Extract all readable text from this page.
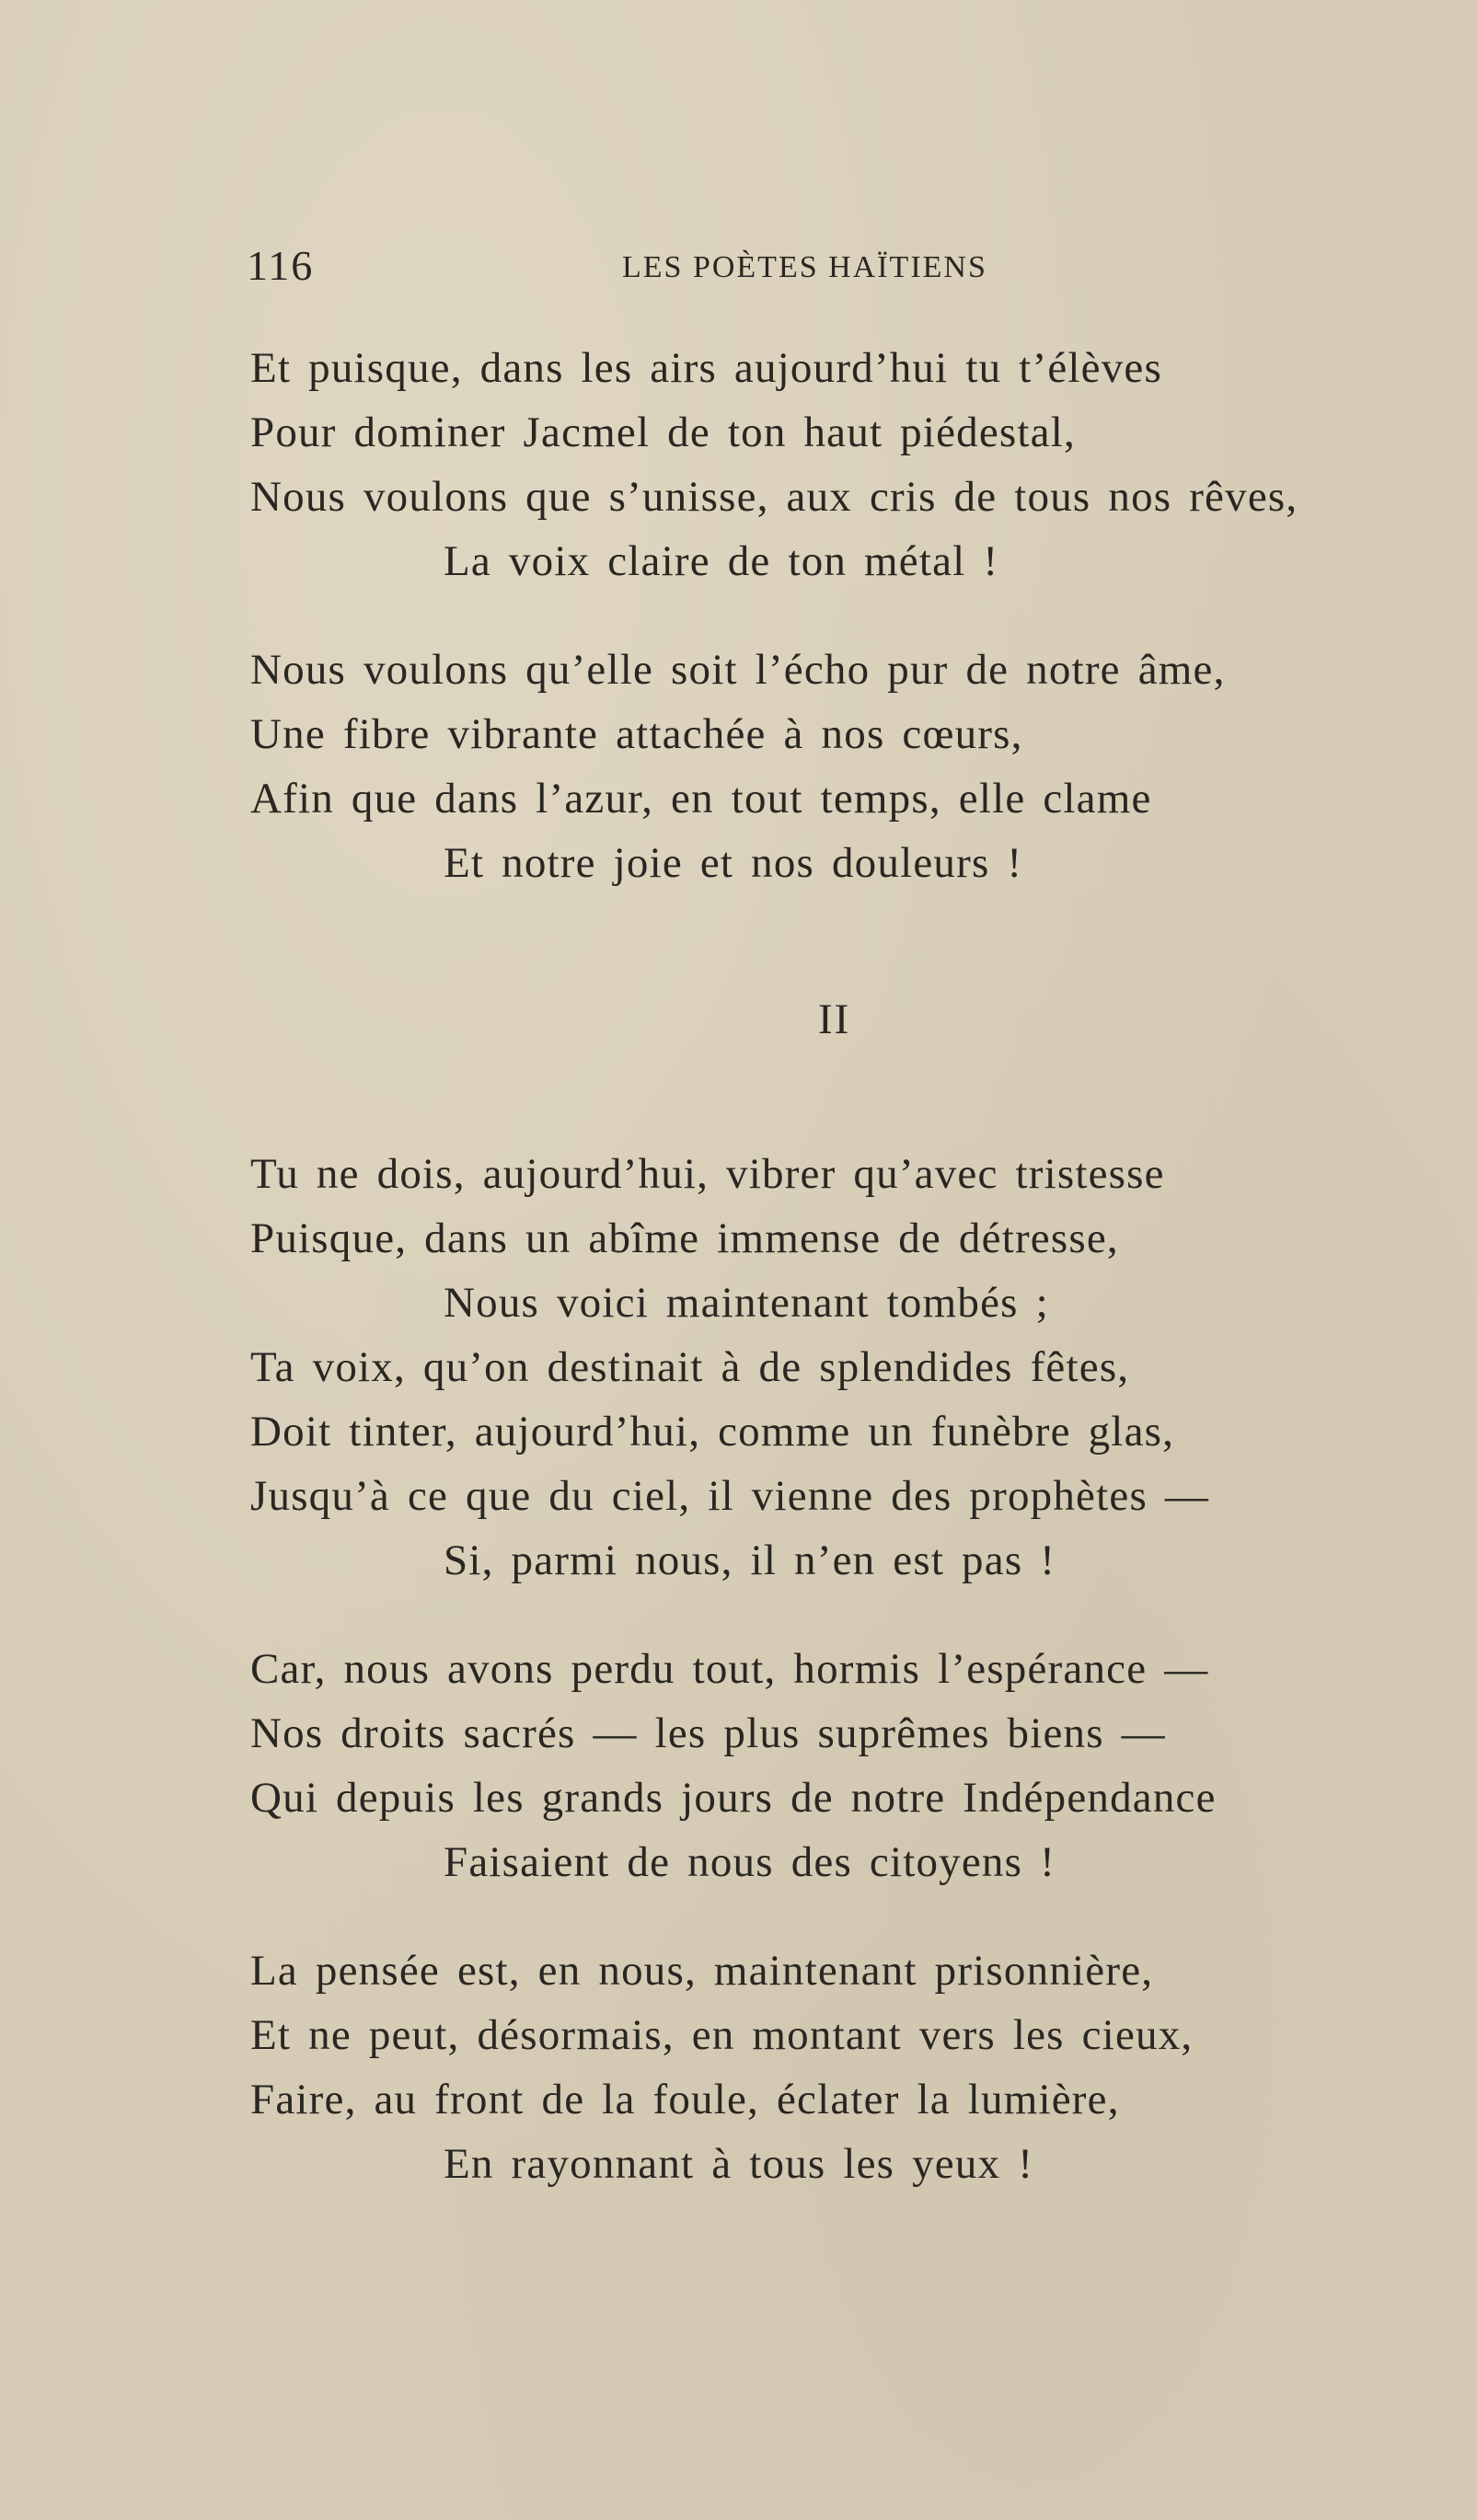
116	LES POÈTES HAÏTIENS
Et puisque, dans les airs aujourd’hui tu t’élèves
Pour dominer Jacmel de ton haut piédestal,
Nous voulons que s’unisse, aux cris de tous nos rêves,
La voix claire de ton métal !
Nous voulons qu’elle soit l’écho pur de notre âme,
Une fibre vibrante attachée à nos cœurs,
Afin que dans l’azur, en tout temps, elle clame
Et notre joie et nos douleurs !
II
Tu ne dois, aujourd’hui, vibrer qu’avec tristesse
Puisque, dans un abîme immense de détresse,
Nous voici maintenant tombés ;
Ta voix, qu’on destinait à de splendides fêtes,
Doit tinter, aujourd’hui, comme un funèbre glas,
Jusqu’à ce que du ciel, il vienne des prophètes —
Si, parmi nous, il n’en est pas !
Car, nous avons perdu tout, hormis l’espérance —
Nos droits sacrés — les plus suprêmes biens —
Qui depuis les grands jours de notre Indépendance
Faisaient de nous des citoyens !
La pensée est, en nous, maintenant prisonnière,
Et ne peut, désormais, en montant vers les cieux,
Faire, au front de la foule, éclater la lumière,
En rayonnant à tous les yeux !
